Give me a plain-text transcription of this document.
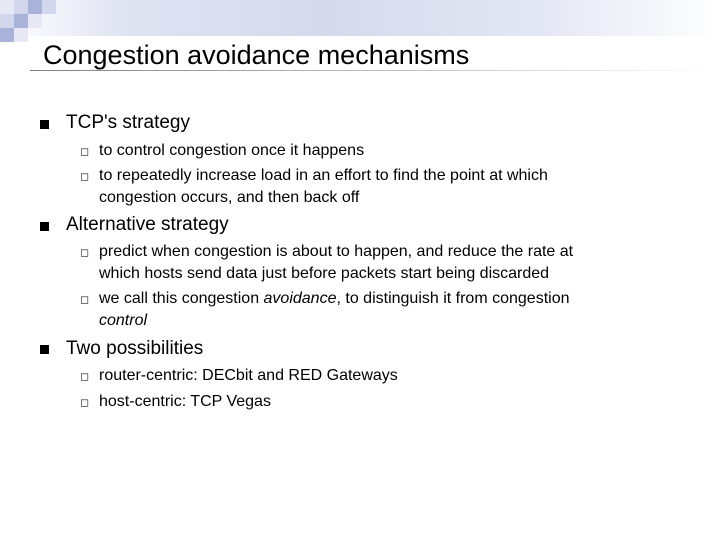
Congestion avoidance mechanisms
TCP's strategy
◻ to control congestion once it happens
◻ to repeatedly increase load in an effort to find the point at which
congestion occurs, and then back off
Alternative strategy
◻ predict when congestion is about to happen, and reduce the rate at
which hosts send data just before packets start being discarded
◻ we call this congestion avoidance, to distinguish it from congestion
control
Two possibilities
◻ router-centric: DECbit and RED Gateways
◻ host-centric: TCP Vegas
